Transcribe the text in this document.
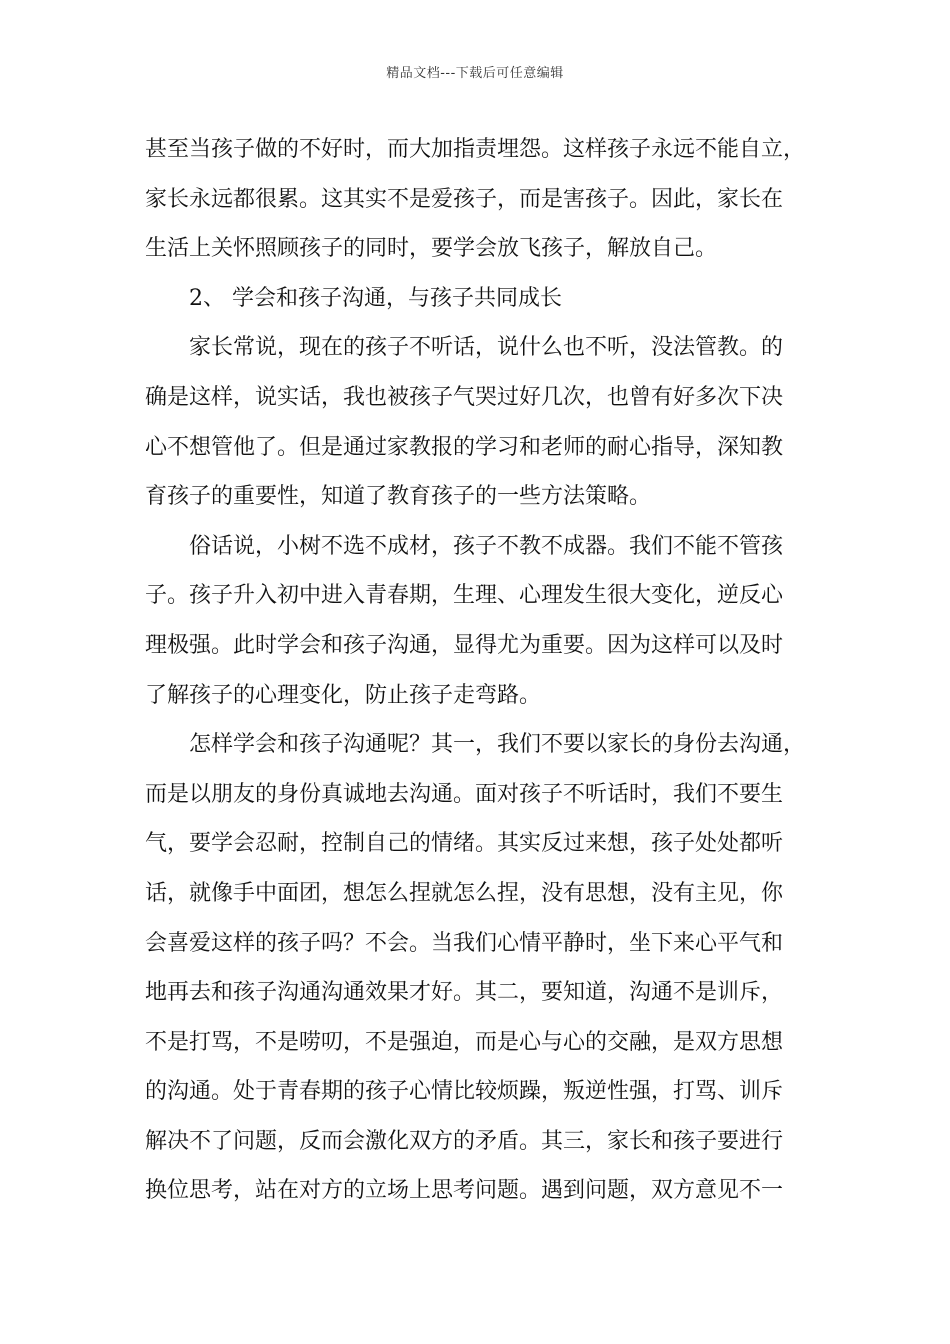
精品文档---下载后可任意编辑
甚至当孩子做的不好时，而大加指责埋怨。这样孩子永远不能自立，
家长永远都很累。这其实不是爱孩子，而是害孩子。因此，家长在
生活上关怀照顾孩子的同时，要学会放飞孩子，解放自己。
2、 学会和孩子沟通，与孩子共同成长
家长常说，现在的孩子不听话，说什么也不听，没法管教。的
确是这样，说实话，我也被孩子气哭过好几次，也曾有好多次下决
心不想管他了。但是通过家教报的学习和老师的耐心指导，深知教
育孩子的重要性，知道了教育孩子的一些方法策略。
俗话说，小树不选不成材，孩子不教不成器。我们不能不管孩
子。孩子升入初中进入青春期，生理、心理发生很大变化，逆反心
理极强。此时学会和孩子沟通，显得尤为重要。因为这样可以及时
了解孩子的心理变化，防止孩子走弯路。
怎样学会和孩子沟通呢？其一，我们不要以家长的身份去沟通，
而是以朋友的身份真诚地去沟通。面对孩子不听话时，我们不要生
气，要学会忍耐，控制自己的情绪。其实反过来想，孩子处处都听
话，就像手中面团，想怎么捏就怎么捏，没有思想，没有主见，你
会喜爱这样的孩子吗？不会。当我们心情平静时，坐下来心平气和
地再去和孩子沟通沟通效果才好。其二，要知道，沟通不是训斥，
不是打骂，不是唠叨，不是强迫，而是心与心的交融，是双方思想
的沟通。处于青春期的孩子心情比较烦躁，叛逆性强，打骂、训斥
解决不了问题，反而会激化双方的矛盾。其三，家长和孩子要进行
换位思考，站在对方的立场上思考问题。遇到问题，双方意见不一
